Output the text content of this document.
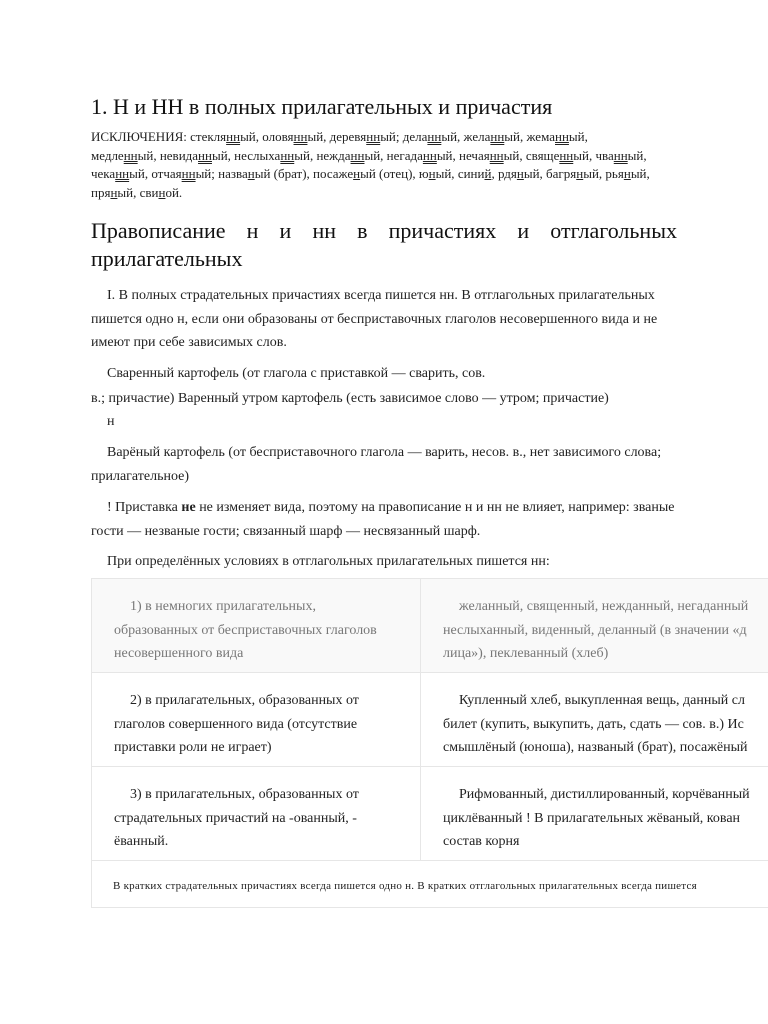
1. Н и НН в полных прилагательных и причастия

ИСКЛЮЧЕНИЯ: стеклянный, оловянный, деревянный; деланный, желанный, жеманный, медленный, невиданный, неслыханный, нежданный, негаданный, нечаянный, священный, чванный, чеканный, отчаянный; названый (брат), посаженый (отец), юный, синий, рдяный, багряный, рьяный, пряный, свиной.

Правописание н и нн в причастиях и отглагольных прилагательных

I. В полных страдательных причастиях всегда пишется нн. В отглагольных прилагательных пишется одно н, если они образованы от бесприставочных глаголов несовершенного вида и не имеют при себе зависимых слов.

Сваренный картофель (от глагола с приставкой — сварить, сов.

в.; причастие) Варенный утром картофель (есть зависимое слово — утром; причастие)

н

Варёный картофель (от бесприставочного глагола — варить, несов. в., нет зависимого слова; прилагательное)

! Приставка не не изменяет вида, поэтому на правописание н и нн не влияет, например: званые гости — незваные гости; связанный шарф — несвязанный шарф.

При определённых условиях в отглагольных прилагательных пишется нн:

1) в немногих прилагательных,
образованных от бесприставочных глаголов
несовершенного вида
желанный, священный, нежданный, негаданный
неслыханный, виденный, деланный (в значении «д
лица»), пеклеванный (хлеб)
2) в прилагательных, образованных от
глаголов совершенного вида (отсутствие
приставки роли не играет)
Купленный хлеб, выкупленная вещь, данный сл
билет (купить, выкупить, дать, сдать — сов. в.) Ис
смышлёный (юноша), названый (брат), посажёный
3) в прилагательных, образованных от
страдательных причастий на -ованный, -
ёванный.
Рифмованный, дистиллированный, корчёванный
циклёванный ! В прилагательных жёваный, кован
состав корня
В кратких страдательных причастиях всегда пишется одно н. В кратких отглагольных прилагательных всегда пишется
